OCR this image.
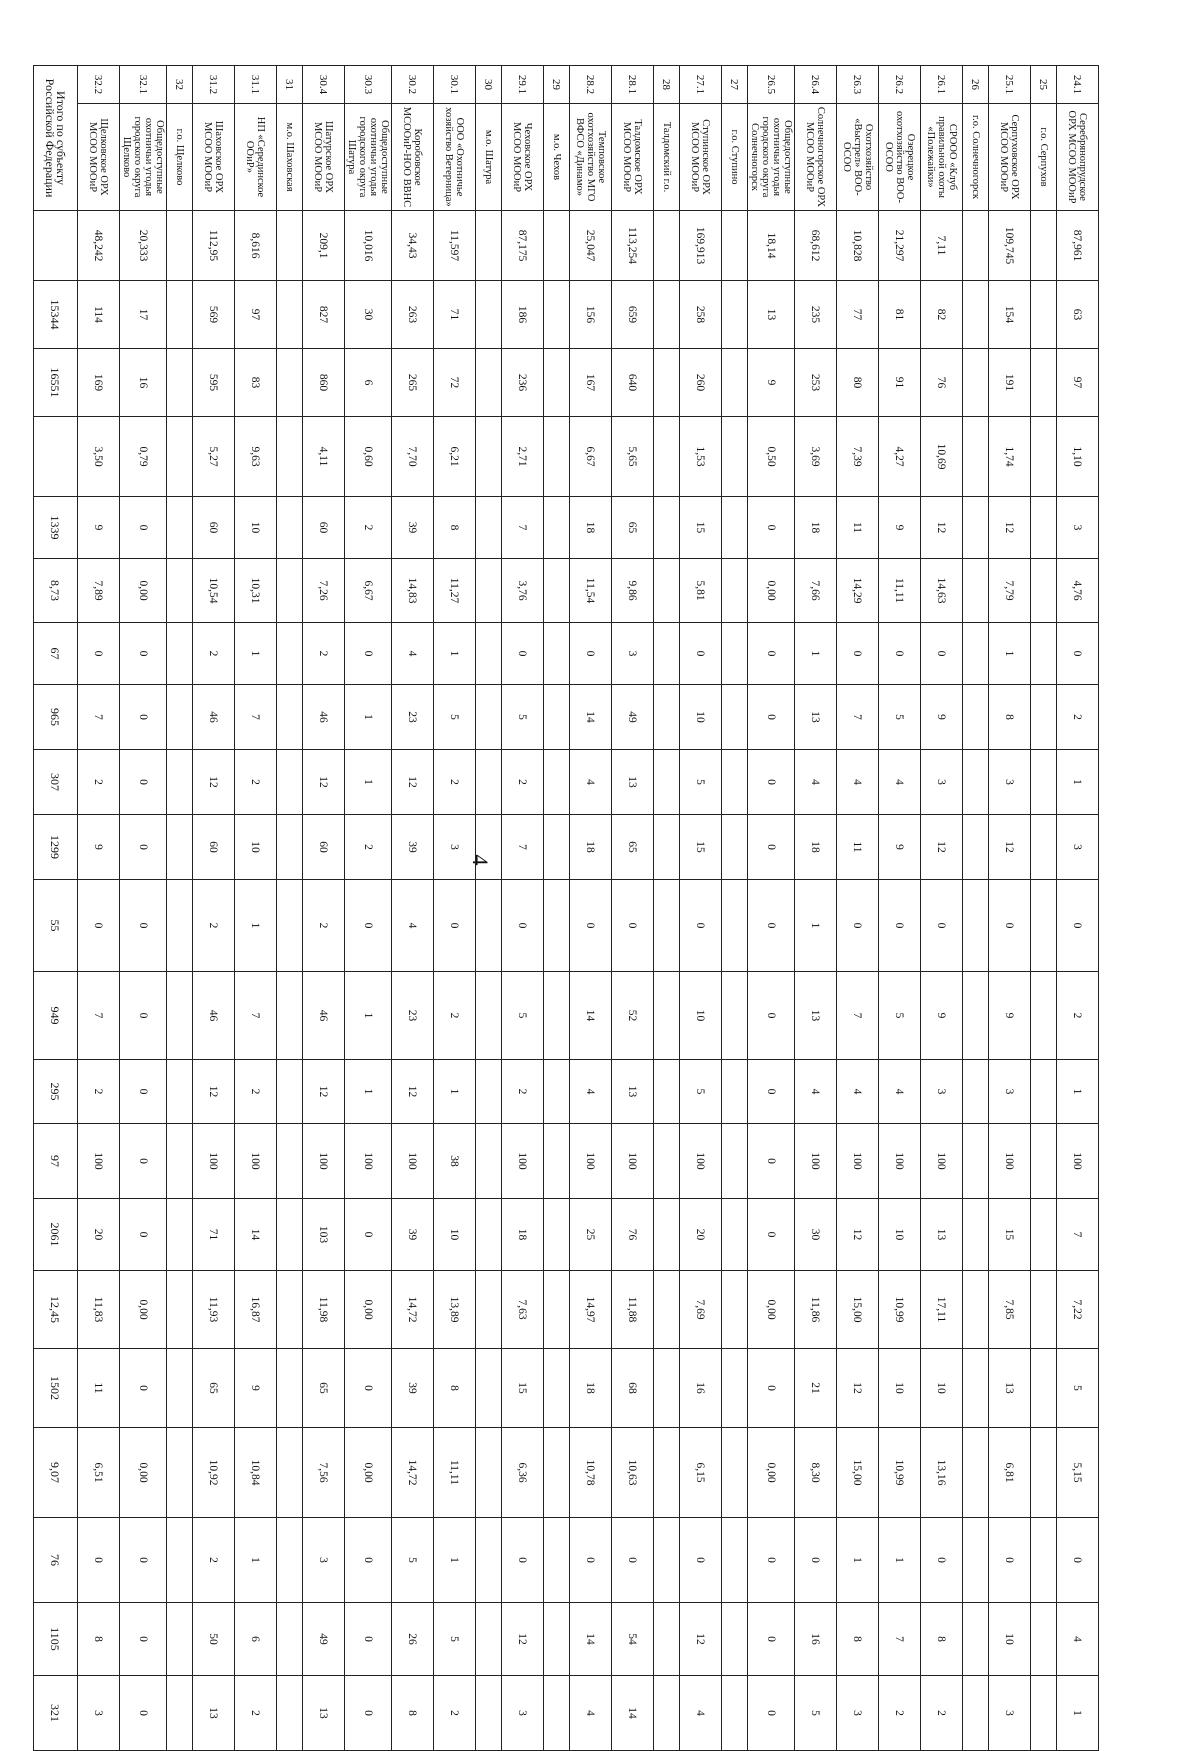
4
24.1	Серебрянопрудское ОРХ МСОО МООиР	87,961	63	97	1,10	3	4,76	0	2	1	3	0	2	1	100	7	7,22	5	5,15	0	4	1
25	г.о. Серпухов																					
25.1	Серпуховское ОРХ МСОО МООиР	109,745	154	191	1,74	12	7,79	1	8	3	12	0	9	3	100	15	7,85	13	6,81	0	10	3
26	г.о. Солнечногорск																					
26.1	СРООО «Клуб правильной охоты «Полежайки»	7,11	82	76	10,69	12	14,63	0	9	3	12	0	9	3	100	13	17,11	10	13,16	0	8	2
26.2	Озерецкое охотхозяйство ВОО-ОСОО	21,297	81	91	4,27	9	11,11	0	5	4	9	0	5	4	100	10	10,99	10	10,99	1	7	2
26.3	Охотхозяйство «Выстрел» ВОО-ОСОО	10,828	77	80	7,39	11	14,29	0	7	4	11	0	7	4	100	12	15,00	12	15,00	1	8	3
26.4	Солнечногорское ОРХ МСОО МООиР	68,612	235	253	3,69	18	7,66	1	13	4	18	1	13	4	100	30	11,86	21	8,30	0	16	5
26.5	Общедоступные охотничьи угодья городского округа Солнечногорск	18,14	13	9	0,50	0	0,00	0	0	0	0	0	0	0	0	0	0,00	0	0,00	0	0	0
27	г.о. Ступино																					
27.1	Ступинское ОРХ МСОО МООиР	169,913	258	260	1,53	15	5,81	0	10	5	15	0	10	5	100	20	7,69	16	6,15	0	12	4
28	Талдомский г.о.																					
28.1	Талдомское ОРХ МСОО МООиР	113,254	659	640	5,65	65	9,86	3	49	13	65	0	52	13	100	76	11,88	68	10,63	0	54	14
28.2	Темповское охотхозяйство МГО ВФСО «Динамо»	25,047	156	167	6,67	18	11,54	0	14	4	18	0	14	4	100	25	14,97	18	10,78	0	14	4
29	м.о. Чехов																					
29.1	Чеховское ОРХ МСОО МООиР	87,175	186	236	2,71	7	3,76	0	5	2	7	0	5	2	100	18	7,63	15	6,36	0	12	3
30	м.о. Шатура																					
30.1	ООО «Охотничье хозяйство Ветерница»	11,597	71	72	6,21	8	11,27	1	5	2	3	0	2	1	38	10	13,89	8	11,11	1	5	2
30.2	Коробовское МСООиР-НОО ВВНС	34,43	263	265	7,70	39	14,83	4	23	12	39	4	23	12	100	39	14,72	39	14,72	5	26	8
30.3	Общедоступные охотничьи угодья городского округа Шатура	10,016	30	6	0,60	2	6,67	0	1	1	2	0	1	1	100	0	0,00	0	0,00	0	0	0
30.4	Шатурское ОРХ МСОО МООиР	209,1	827	860	4,11	60	7,26	2	46	12	60	2	46	12	100	103	11,98	65	7,56	3	49	13
31	м.о. Шаховская																					
31.1	НП «Серединское ООиР»	8,616	97	83	9,63	10	10,31	1	7	2	10	1	7	2	100	14	16,87	9	10,84	1	6	2
31.2	Шаховское ОРХ МСОО МООиР	112,95	569	595	5,27	60	10,54	2	46	12	60	2	46	12	100	71	11,93	65	10,92	2	50	13
32	г.о. Щелково																					
32.1	Общедоступные охотничьи угодья городского округа Щелково	20,333	17	16	0,79	0	0,00	0	0	0	0	0	0	0	0	0	0,00	0	0,00	0	0	0
32.2	Щелковское ОРХ МСОО МООиР	48,242	114	169	3,50	9	7,89	0	7	2	9	0	7	2	100	20	11,83	11	6,51	0	8	3
Итого по субъекту Российской Федерации			15344	16551		1339	8,73	67	965	307	1299	55	949	295	97	2061	12,45	1502	9,07	76	1105	321
